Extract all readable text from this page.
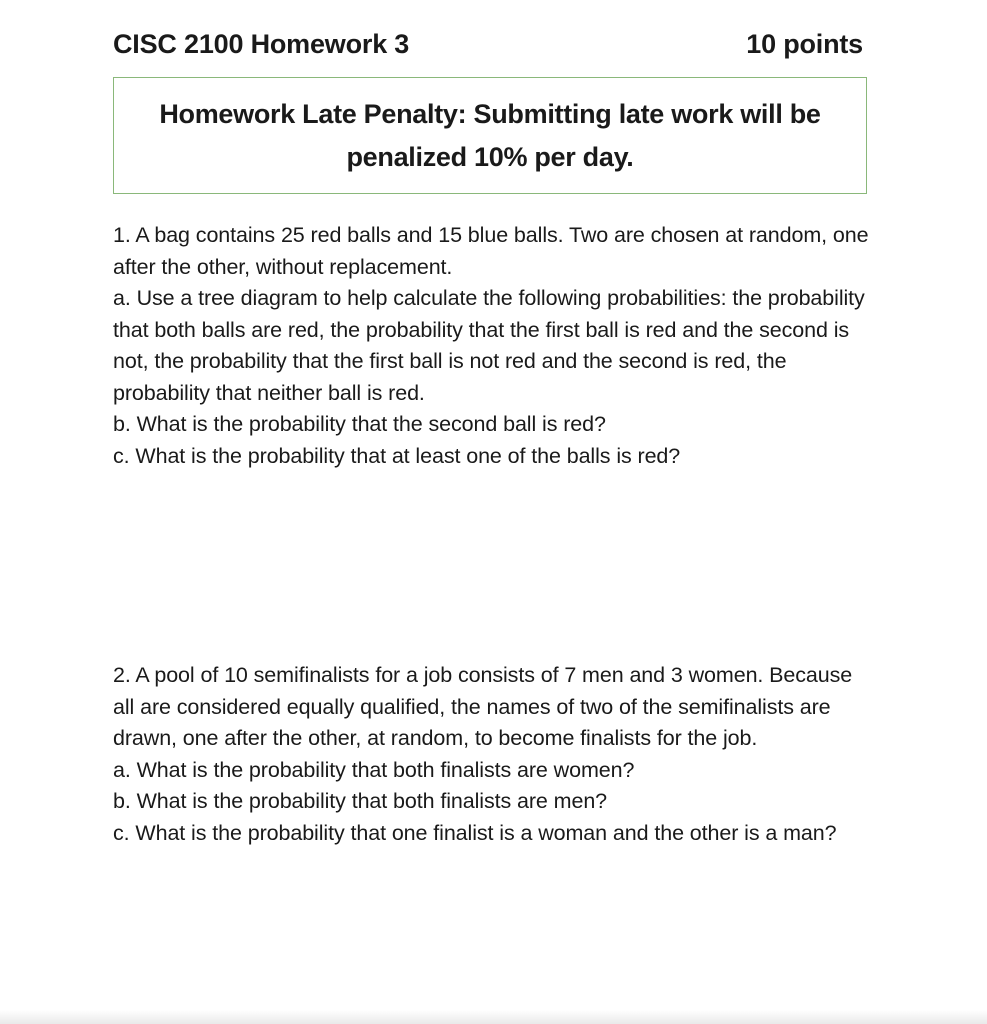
CISC 2100 Homework 3	10 points
Homework Late Penalty: Submitting late work will be penalized 10% per day.

1. A bag contains 25 red balls and 15 blue balls. Two are chosen at random, one after the other, without replacement.

a. Use a tree diagram to help calculate the following probabilities: the probability that both balls are red, the probability that the first ball is red and the second is not, the probability that the first ball is not red and the second is red, the probability that neither ball is red.

b. What is the probability that the second ball is red?

c. What is the probability that at least one of the balls is red?

2. A pool of 10 semifinalists for a job consists of 7 men and 3 women. Because all are considered equally qualified, the names of two of the semifinalists are drawn, one after the other, at random, to become finalists for the job.

a. What is the probability that both finalists are women?

b. What is the probability that both finalists are men?

c. What is the probability that one finalist is a woman and the other is a man?
